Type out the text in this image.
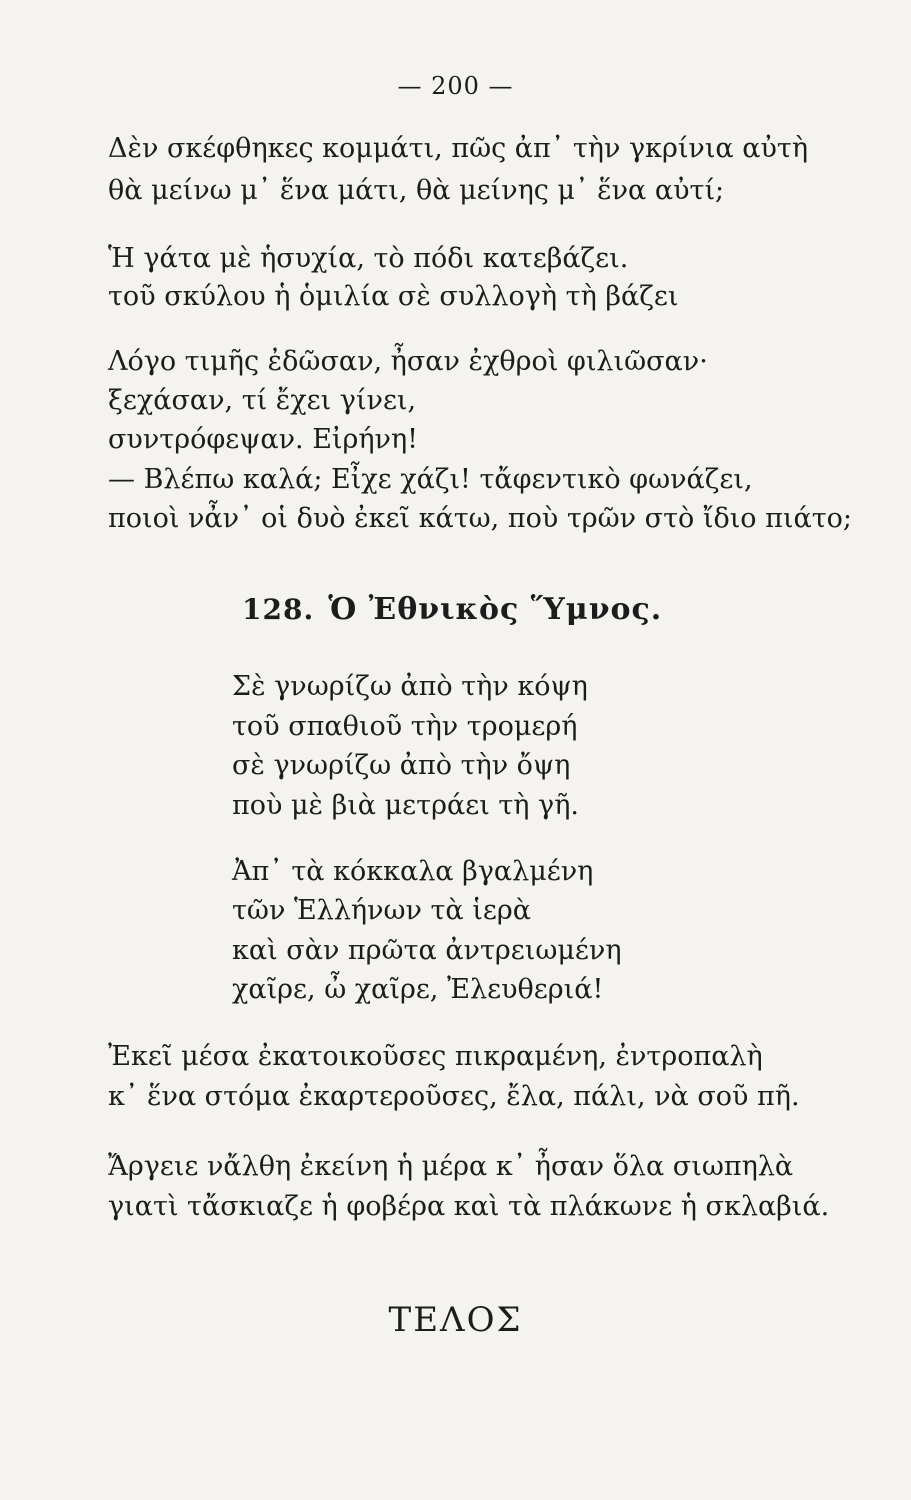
— 200 —
Δὲν σκέφθηκες κομμάτι, πῶς ἀπ᾽ τὴν γκρίνια αὐτὴ
θὰ μείνω μ᾽ ἕνα μάτι, θὰ μείνης μ᾽ ἕνα αὐτί;
Ἡ γάτα μὲ ἡσυχία, τὸ πόδι κατεβάζει.
τοῦ σκύλου ἡ ὁμιλία σὲ συλλογὴ τὴ βάζει
Λόγο τιμῆς ἐδῶσαν, ἦσαν ἐχθροὶ φιλιῶσαν·
ξεχάσαν, τί ἔχει γίνει,
συντρόφεψαν. Εἰρήνη!
— Βλέπω καλά; Εἶχε χάζι! τἄφεντικὸ φωνάζει,
ποιοὶ νἆν᾽ οἱ δυὸ ἐκεῖ κάτω, ποὺ τρῶν στὸ ἴδιο πιάτο;
128. Ὁ Ἐθνικὸς Ὕμνος.
Σὲ γνωρίζω ἀπὸ τὴν κόψη
τοῦ σπαθιοῦ τὴν τρομερή
σὲ γνωρίζω ἀπὸ τὴν ὄψη
ποὺ μὲ βιὰ μετράει τὴ γῆ.
Ἀπ᾽ τὰ κόκκαλα βγαλμένη
τῶν Ἑλλήνων τὰ ἱερὰ
καὶ σὰν πρῶτα ἀντρειωμένη
χαῖρε, ὦ χαῖρε, Ἐλευθεριά!
Ἐκεῖ μέσα ἐκατοικοῦσες πικραμένη, ἐντροπαλὴ
κ᾽ ἕνα στόμα ἐκαρτεροῦσες, ἔλα, πάλι, νὰ σοῦ πῆ.
Ἄργειε νἄλθη ἐκείνη ἡ μέρα κ᾽ ἦσαν ὅλα σιωπηλὰ
γιατὶ τἄσκιαζε ἡ φοβέρα καὶ τὰ πλάκωνε ἡ σκλαβιά.
ΤΕΛΟΣ
